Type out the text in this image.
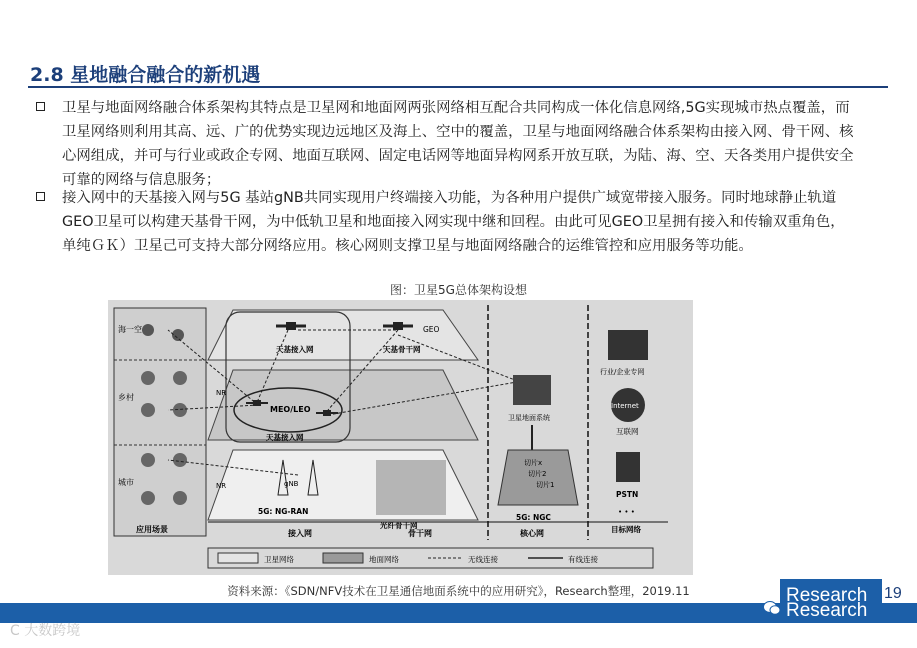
2.8 星地融合融合的新机遇
卫星与地面网络融合体系架构其特点是卫星网和地面网两张网络相互配合共同构成一体化信息网络,5G实现城市热点覆盖，而卫星网络则利用其高、远、广的优势实现边远地区及海上、空中的覆盖，卫星与地面网络融合体系架构由接入网、骨干网、核心网组成，并可与行业或政企专网、地面互联网、固定电话网等地面异构网系开放互联，为陆、海、空、天各类用户提供安全可靠的网络与信息服务；
接入网中的天基接入网与5G 基站gNB共同实现用户终端接入功能，为各种用户提供广域宽带接入服务。同时地球静止轨道GEO卫星可以构建天基骨干网，为中低轨卫星和地面接入网实现中继和回程。由此可见GEO卫星拥有接入和传输双重角色，单纯ＧＫ）卫星己可支持大部分网络应用。核心网则支撑卫星与地面网络融合的运维管控和应用服务等功能。
图：卫星5G总体架构设想
海一空
乡村
城市
应用场景
天基接入网	天基骨干网
GEO
MEO/LEO
天基接入网
NR
NR	gNB
5G: NG-RAN
光纤骨干网
卫星地面系统
切片x
切片2
切片1
5G: NGC
行业/企业专网
Internet
互联网
PSTN
• • •
目标网络
接入网	骨干网	核心网
卫星网络	地面网络	无线连接	有线连接
资料来源：《SDN/NFV技术在卫星通信地面系统中的应用研究》，Research整理，2019.11	Research
Research
19
C 大数跨境
